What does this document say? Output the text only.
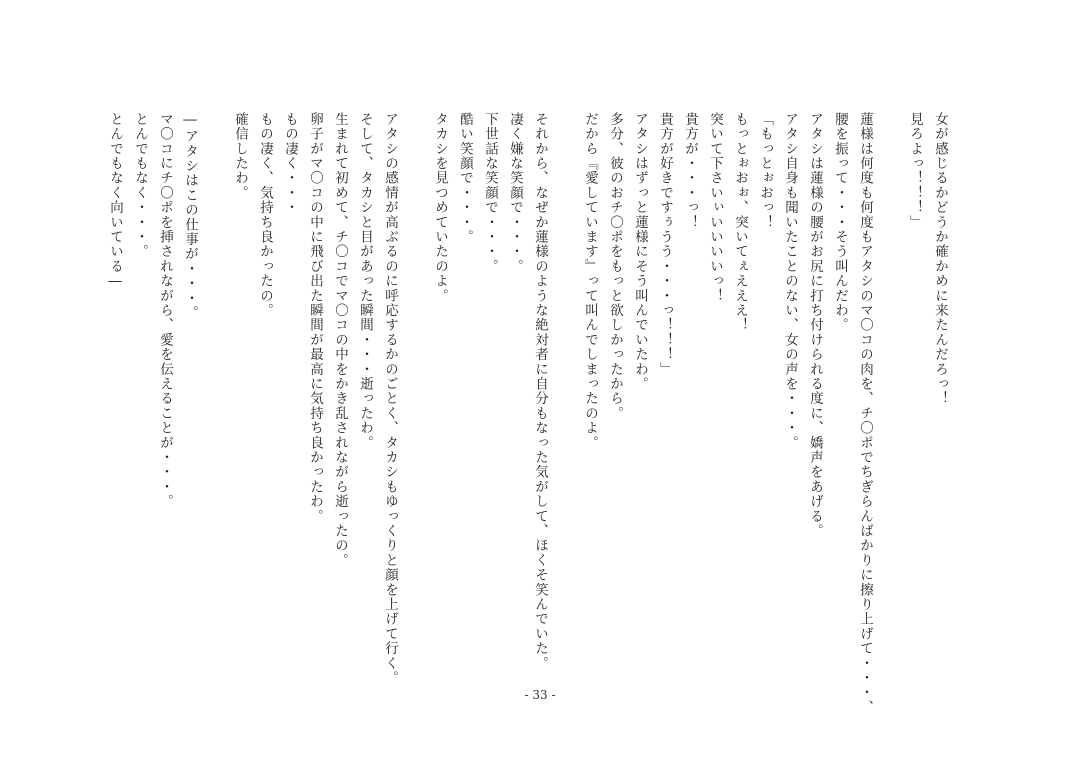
女が感じるかどうか確かめに来たんだろっ！
見ろよっ！！！」

蓮様は何度も何度もアタシのマ〇コの肉を、チ〇ポでちぎらんばかりに擦り上げて・・・、
腰を振って・・・そう叫んだわ。
アタシは蓮様の腰がお尻に打ち付けられる度に、嬌声をあげる。
アタシ自身も聞いたことのない、女の声を・・・。
「もっとぉおっ！
もっとぉおぉ、突いてぇえええ！
突いて下さいぃいいいいっ！
貴方が・・・っ！
貴方が好きですぅうう・・・っ！！！」
アタシはずっと蓮様にそう叫んでいたわ。
多分、彼のおチ〇ポをもっと欲しかったから。
だから『愛しています』って叫んでしまったのよ。

それから、なぜか蓮様のような絶対者に自分もなった気がして、ほくそ笑んでいた。
凄く嫌な笑顔で・・・。
下世話な笑顔で・・・。
酷い笑顔で・・・。
タカシを見つめていたのよ。

アタシの感情が高ぶるのに呼応するかのごとく、タカシもゆっくりと顔を上げて行く。
そして、タカシと目があった瞬間・・・逝ったわ。
生まれて初めて、チ〇コでマ〇コの中をかき乱されながら逝ったの。
卵子がマ〇コの中に飛び出た瞬間が最高に気持ち良かったわ。
もの凄く・・・
もの凄く、気持ち良かったの。
確信したわ。

―アタシはこの仕事が・・・。
マ〇コにチ〇ポを挿されながら、愛を伝えることが・・・。
とんでもなく・・・。
とんでもなく向いている―
- 33 -
